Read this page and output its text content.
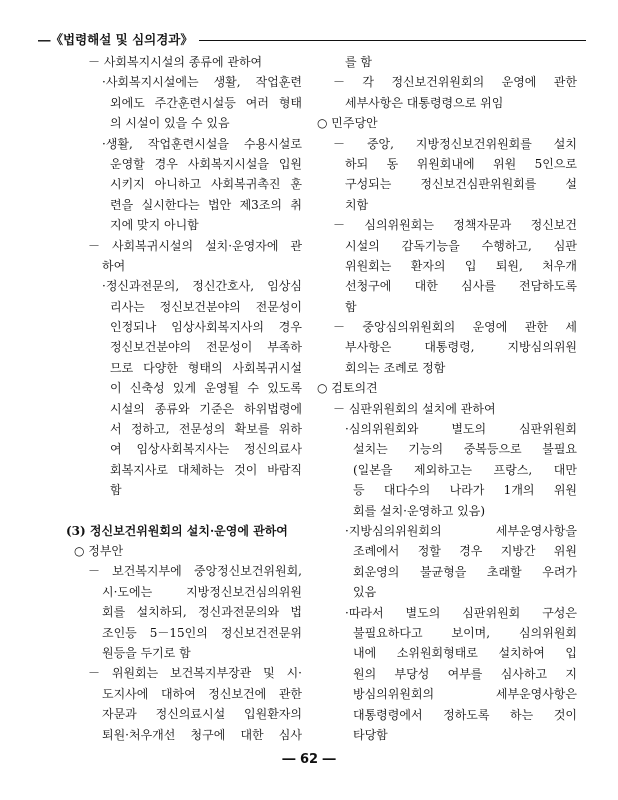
―《법령해설 및 심의경과》
－ 사회복지시설의 종류에 관하여
·사회복지시설에는 생활, 작업훈련
외에도 주간훈련시설등 여러 형태
의 시설이 있을 수 있음
·생활, 작업훈련시설을 수용시설로
운영할 경우 사회복지시설을 입원
시키지 아니하고 사회복귀촉진 훈
련을 실시한다는 법안 제3조의 취
지에 맞지 아니함
－ 사회복귀시설의 설치·운영자에 관
하여
·정신과전문의, 정신간호사, 임상심
리사는 정신보건분야의 전문성이
인정되나 임상사회복지사의 경우
정신보건분야의 전문성이 부족하
므로 다양한 형태의 사회복귀시설
이 신축성 있게 운영될 수 있도록
시설의 종류와 기준은 하위법령에
서 정하고, 전문성의 확보를 위하
여 임상사회복지사는 정신의료사
회복지사로 대체하는 것이 바람직
함
(3) 정신보건위원회의 설치·운영에 관하여
○ 정부안
－ 보건복지부에 중앙정신보건위원회,
시·도에는 지방정신보건심의위원
회를 설치하되, 정신과전문의와 법
조인등 5－15인의 정신보건전문위
원등을 두기로 함
－ 위원회는 보건복지부장관 및 시·
도지사에 대하여 정신보건에 관한
자문과 정신의료시설 입원환자의
퇴원·처우개선 청구에 대한 심사
를 함
－ 각 정신보건위원회의 운영에 관한
세부사항은 대통령령으로 위임
○ 민주당안
－ 중앙, 지방정신보건위원회를 설치
하되 동 위원회내에 위원 5인으로
구성되는 정신보건심판위원회를 설
치함
－ 심의위원회는 정책자문과 정신보건
시설의 감독기능을 수행하고, 심판
위원회는 환자의 입 퇴원, 처우개
선청구에 대한 심사를 전담하도록
함
－ 중앙심의위원회의 운영에 관한 세
부사항은 대통령령, 지방심의위원
회의는 조례로 정함
○ 검토의견
－ 심판위원회의 설치에 관하여
·심의위원회와 별도의 심판위원회
설치는 기능의 중복등으로 불필요
(일본을 제외하고는 프랑스, 대만
등 대다수의 나라가 1개의 위원
회를 설치·운영하고 있음)
·지방심의위원회의 세부운영사항을
조례에서 정할 경우 지방간 위원
회운영의 불균형을 초래할 우려가
있음
·따라서 별도의 심판위원회 구성은
불필요하다고 보이며, 심의위원회
내에 소위원회형태로 설치하여 입
원의 부당성 여부를 심사하고 지
방심의위원회의 세부운영사항은
대통령령에서 정하도록 하는 것이
타당함
― 62 ―
